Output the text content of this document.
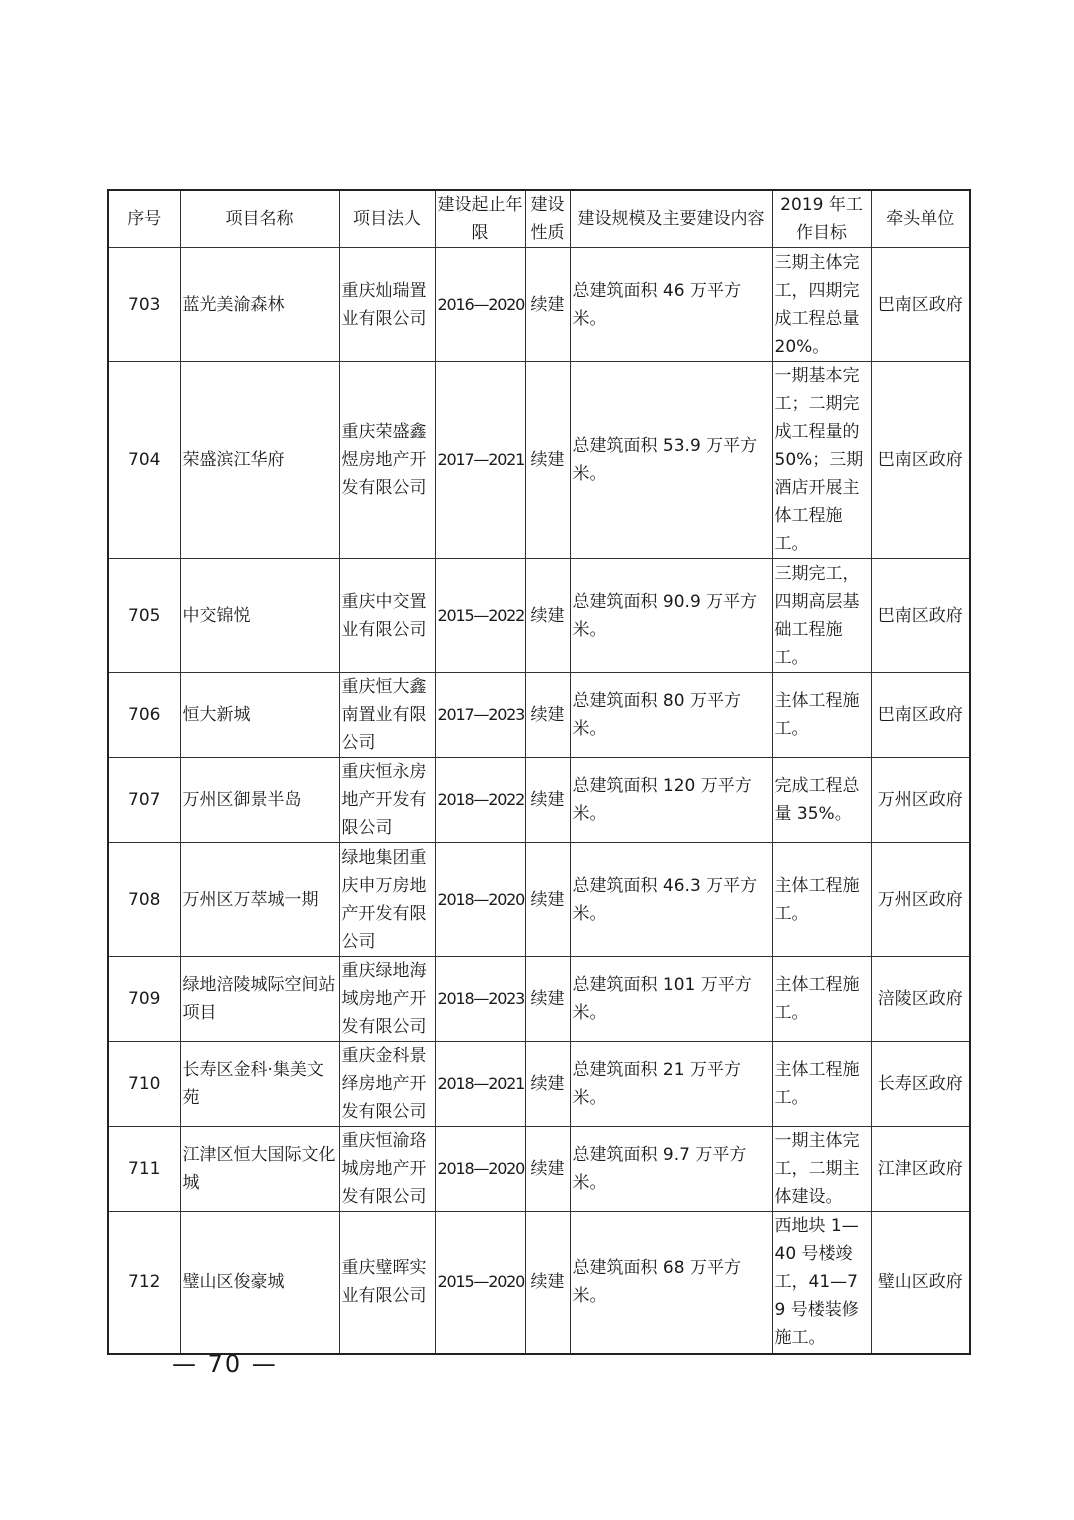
序号	项目名称	项目法人	建设起止年限	建设性质	建设规模及主要建设内容	2019 年工作目标	牵头单位
703	蓝光美渝森林	重庆灿瑞置业有限公司	2016—2020	续建	总建筑面积 46 万平方米。	三期主体完工，四期完成工程总量20%。	巴南区政府
704	荣盛滨江华府	重庆荣盛鑫煜房地产开发有限公司	2017—2021	续建	总建筑面积 53.9 万平方米。	一期基本完工；二期完成工程量的50%；三期酒店开展主体工程施工。	巴南区政府
705	中交锦悦	重庆中交置业有限公司	2015—2022	续建	总建筑面积 90.9 万平方米。	三期完工，四期高层基础工程施工。	巴南区政府
706	恒大新城	重庆恒大鑫南置业有限公司	2017—2023	续建	总建筑面积 80 万平方米。	主体工程施工。	巴南区政府
707	万州区御景半岛	重庆恒永房地产开发有限公司	2018—2022	续建	总建筑面积 120 万平方米。	完成工程总量 35%。	万州区政府
708	万州区万萃城一期	绿地集团重庆申万房地产开发有限公司	2018—2020	续建	总建筑面积 46.3 万平方米。	主体工程施工。	万州区政府
709	绿地涪陵城际空间站项目	重庆绿地海域房地产开发有限公司	2018—2023	续建	总建筑面积 101 万平方米。	主体工程施工。	涪陵区政府
710	长寿区金科·集美文苑	重庆金科景绎房地产开发有限公司	2018—2021	续建	总建筑面积 21 万平方米。	主体工程施工。	长寿区政府
711	江津区恒大国际文化城	重庆恒渝珞城房地产开发有限公司	2018—2020	续建	总建筑面积 9.7 万平方米。	一期主体完工，二期主体建设。	江津区政府
712	璧山区俊豪城	重庆璧晖实业有限公司	2015—2020	续建	总建筑面积 68 万平方米。	西地块 1—40 号楼竣工，41—79 号楼装修施工。	璧山区政府
— 70 —
